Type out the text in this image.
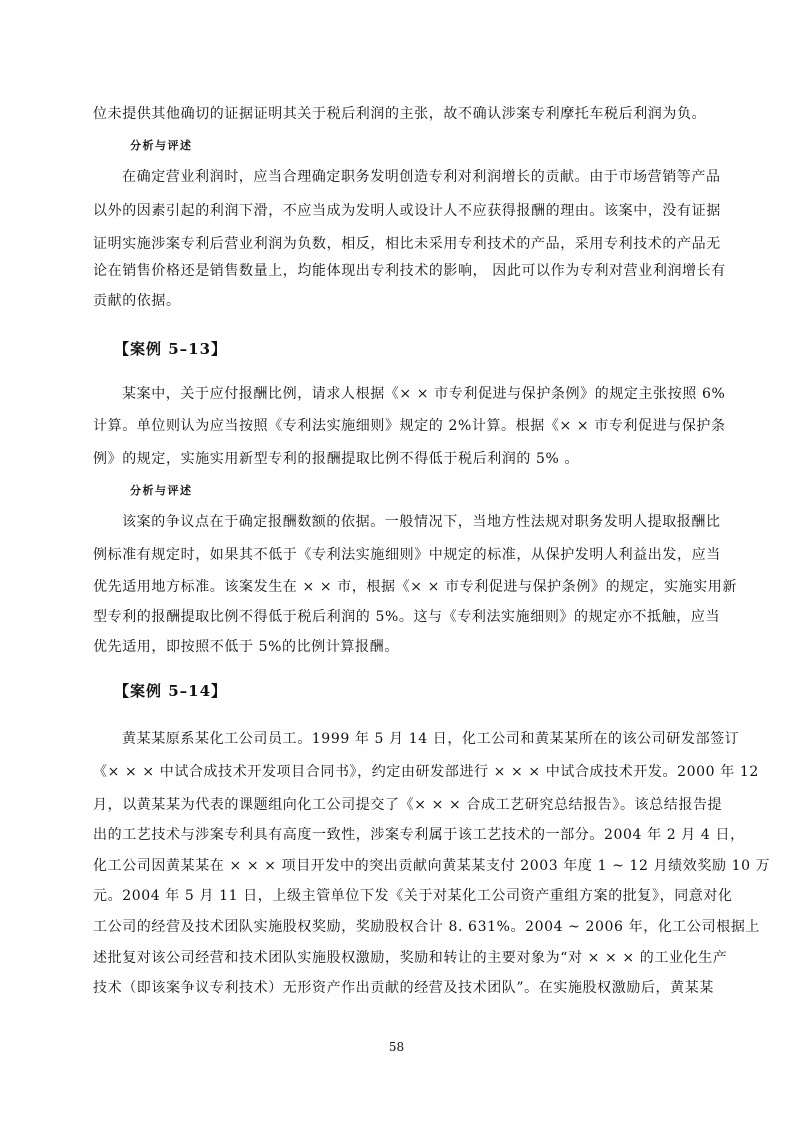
位未提供其他确切的证据证明其关于税后利润的主张，故不确认涉案专利摩托车税后利润为负。
分析与评述
在确定营业利润时，应当合理确定职务发明创造专利对利润增长的贡献。由于市场营销等产品
以外的因素引起的利润下滑，不应当成为发明人或设计人不应获得报酬的理由。该案中，没有证据
证明实施涉案专利后营业利润为负数，相反，相比未采用专利技术的产品，采用专利技术的产品无
论在销售价格还是销售数量上，均能体现出专利技术的影响， 因此可以作为专利对营业利润增长有
贡献的依据。
【案例 5–13】
某案中，关于应付报酬比例，请求人根据《× × 市专利促进与保护条例》的规定主张按照 6%
计算。单位则认为应当按照《专利法实施细则》规定的 2%计算。根据《× × 市专利促进与保护条
例》的规定，实施实用新型专利的报酬提取比例不得低于税后利润的 5% 。
分析与评述
该案的争议点在于确定报酬数额的依据。一般情况下，当地方性法规对职务发明人提取报酬比
例标准有规定时，如果其不低于《专利法实施细则》中规定的标准，从保护发明人利益出发，应当
优先适用地方标准。该案发生在 × × 市，根据《× × 市专利促进与保护条例》的规定，实施实用新
型专利的报酬提取比例不得低于税后利润的 5%。这与《专利法实施细则》的规定亦不抵触，应当
优先适用，即按照不低于 5%的比例计算报酬。
【案例 5–14】
黄某某原系某化工公司员工。1999 年 5 月 14 日，化工公司和黄某某所在的该公司研发部签订
《× × × 中试合成技术开发项目合同书》，约定由研发部进行 × × × 中试合成技术开发。2000 年 12
月，以黄某某为代表的课题组向化工公司提交了《× × × 合成工艺研究总结报告》。该总结报告提
出的工艺技术与涉案专利具有高度一致性，涉案专利属于该工艺技术的一部分。2004 年 2 月 4 日，
化工公司因黄某某在 × × × 项目开发中的突出贡献向黄某某支付 2003 年度 1 ~ 12 月绩效奖励 10 万
元。2004 年 5 月 11 日，上级主管单位下发《关于对某化工公司资产重组方案的批复》，同意对化
工公司的经营及技术团队实施股权奖励，奖励股权合计 8. 631%。2004 ~ 2006 年，化工公司根据上
述批复对该公司经营和技术团队实施股权激励，奖励和转让的主要对象为“对 × × × 的工业化生产
技术（即该案争议专利技术）无形资产作出贡献的经营及技术团队”。在实施股权激励后，黄某某
58
